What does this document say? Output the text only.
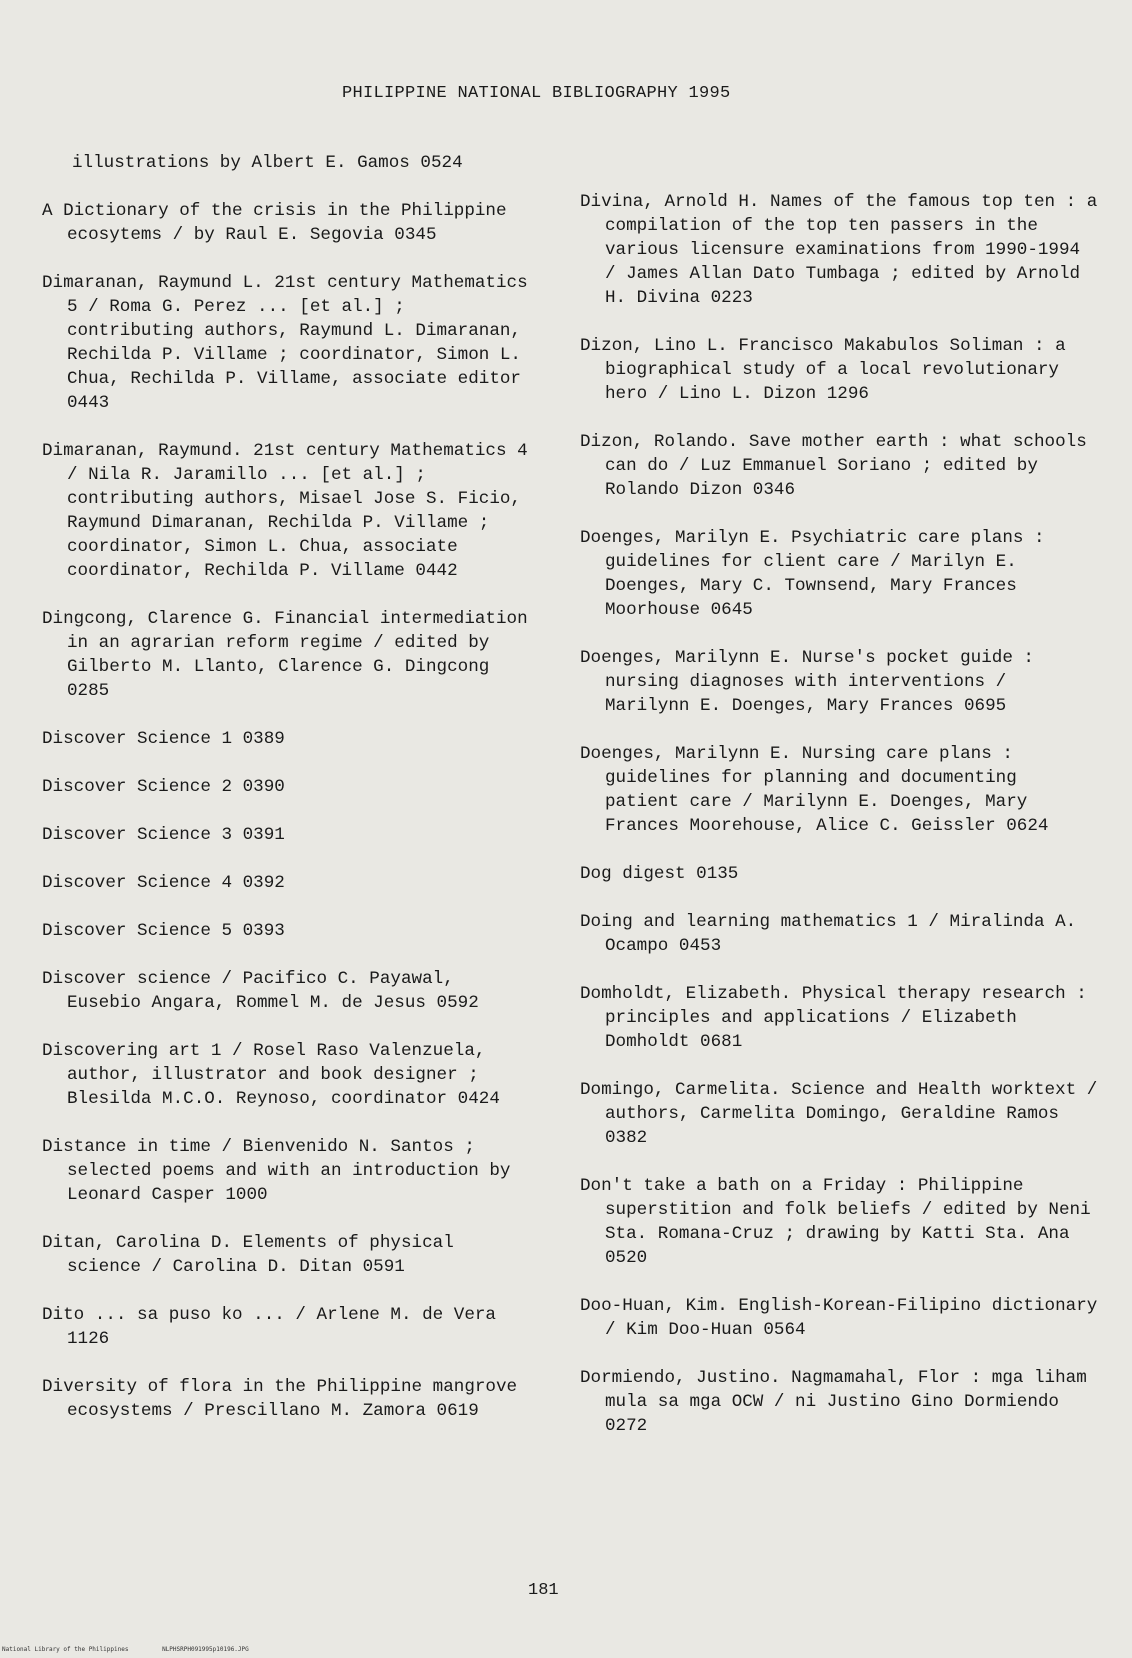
PHILIPPINE NATIONAL BIBLIOGRAPHY 1995

illustrations by Albert E. Gamos 0524

A Dictionary of the crisis in the Philippine ecosytems / by Raul E. Segovia 0345

Dimaranan, Raymund L. 21st century Mathematics 5 / Roma G. Perez ... [et al.] ; contributing authors, Raymund L. Dimaranan, Rechilda P. Villame ; coordinator, Simon L. Chua, Rechilda P. Villame, associate editor 0443

Dimaranan, Raymund. 21st century Mathematics 4 / Nila R. Jaramillo ... [et al.] ; contributing authors, Misael Jose S. Ficio, Raymund Dimaranan, Rechilda P. Villame ; coordinator, Simon L. Chua, associate coordinator, Rechilda P. Villame 0442

Dingcong, Clarence G. Financial intermediation in an agrarian reform regime / edited by Gilberto M. Llanto, Clarence G. Dingcong 0285

Discover Science 1 0389

Discover Science 2 0390

Discover Science 3 0391

Discover Science 4 0392

Discover Science 5 0393

Discover science / Pacifico C. Payawal, Eusebio Angara, Rommel M. de Jesus 0592

Discovering art 1 / Rosel Raso Valenzuela, author, illustrator and book designer ; Blesilda M.C.O. Reynoso, coordinator 0424

Distance in time / Bienvenido N. Santos ; selected poems and with an introduction by Leonard Casper 1000

Ditan, Carolina D. Elements of physical science / Carolina D. Ditan 0591

Dito ... sa puso ko ... / Arlene M. de Vera 1126

Diversity of flora in the Philippine mangrove ecosystems / Prescillano M. Zamora 0619

Divina, Arnold H. Names of the famous top ten : a compilation of the top ten passers in the various licensure examinations from 1990-1994 / James Allan Dato Tumbaga ; edited by Arnold H. Divina 0223

Dizon, Lino L. Francisco Makabulos Soliman : a biographical study of a local revolutionary hero / Lino L. Dizon 1296

Dizon, Rolando. Save mother earth : what schools can do / Luz Emmanuel Soriano ; edited by Rolando Dizon 0346

Doenges, Marilyn E. Psychiatric care plans : guidelines for client care / Marilyn E. Doenges, Mary C. Townsend, Mary Frances Moorhouse 0645

Doenges, Marilynn E. Nurse's pocket guide : nursing diagnoses with interventions / Marilynn E. Doenges, Mary Frances 0695

Doenges, Marilynn E. Nursing care plans : guidelines for planning and documenting patient care / Marilynn E. Doenges, Mary Frances Moorehouse, Alice C. Geissler 0624

Dog digest 0135

Doing and learning mathematics 1 / Miralinda A. Ocampo 0453

Domholdt, Elizabeth. Physical therapy research : principles and applications / Elizabeth Domholdt 0681

Domingo, Carmelita. Science and Health worktext / authors, Carmelita Domingo, Geraldine Ramos 0382

Don't take a bath on a Friday : Philippine superstition and folk beliefs / edited by Neni Sta. Romana-Cruz ; drawing by Katti Sta. Ana 0520

Doo-Huan, Kim. English-Korean-Filipino dictionary / Kim Doo-Huan 0564

Dormiendo, Justino. Nagmamahal, Flor : mga liham mula sa mga OCW / ni Justino Gino Dormiendo 0272

181
National Library of the Philippines	NLPHSRPH091995p10196.JPG
